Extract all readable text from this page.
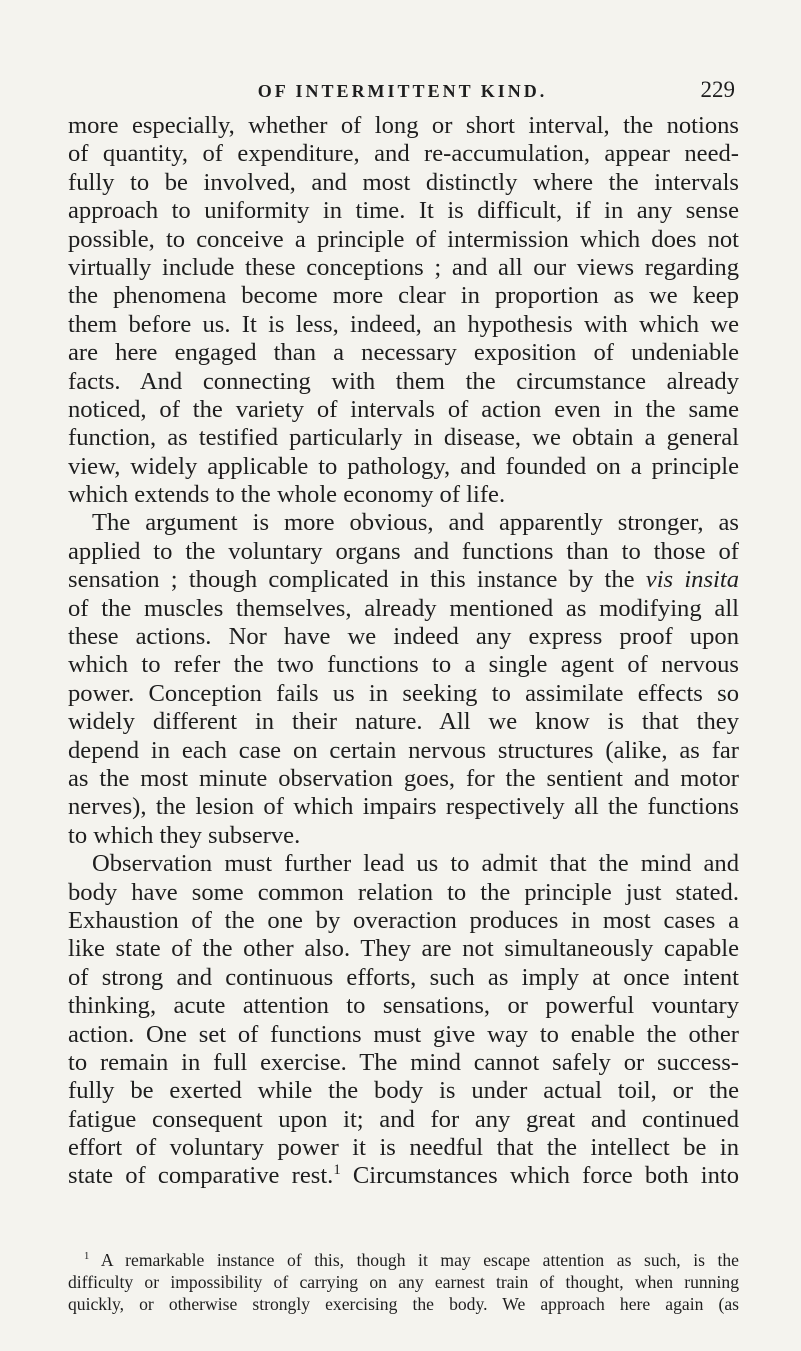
OF INTERMITTENT KIND.	229
more especially, whether of long or short interval, the notions
of quantity, of expenditure, and re-accumulation, appear need-
fully to be involved, and most distinctly where the intervals
approach to uniformity in time. It is difficult, if in any sense
possible, to conceive a principle of intermission which does not
virtually include these conceptions ; and all our views regarding
the phenomena become more clear in proportion as we keep
them before us. It is less, indeed, an hypothesis with which we
are here engaged than a necessary exposition of undeniable
facts. And connecting with them the circumstance already
noticed, of the variety of intervals of action even in the same
function, as testified particularly in disease, we obtain a general
view, widely applicable to pathology, and founded on a principle
which extends to the whole economy of life.
The argument is more obvious, and apparently stronger, as
applied to the voluntary organs and functions than to those of
sensation ; though complicated in this instance by the vis insita
of the muscles themselves, already mentioned as modifying all
these actions. Nor have we indeed any express proof upon
which to refer the two functions to a single agent of nervous
power. Conception fails us in seeking to assimilate effects so
widely different in their nature. All we know is that they
depend in each case on certain nervous structures (alike, as far
as the most minute observation goes, for the sentient and motor
nerves), the lesion of which impairs respectively all the functions
to which they subserve.
Observation must further lead us to admit that the mind and
body have some common relation to the principle just stated.
Exhaustion of the one by overaction produces in most cases a
like state of the other also. They are not simultaneously capable
of strong and continuous efforts, such as imply at once intent
thinking, acute attention to sensations, or powerful vountary
action. One set of functions must give way to enable the other
to remain in full exercise. The mind cannot safely or success-
fully be exerted while the body is under actual toil, or the
fatigue consequent upon it; and for any great and continued
effort of voluntary power it is needful that the intellect be in
state of comparative rest.$^1$ Circumstances which force both into
$^1$ A remarkable instance of this, though it may escape attention as such, is the
difficulty or impossibility of carrying on any earnest train of thought, when running
quickly, or otherwise strongly exercising the body. We approach here again (as
